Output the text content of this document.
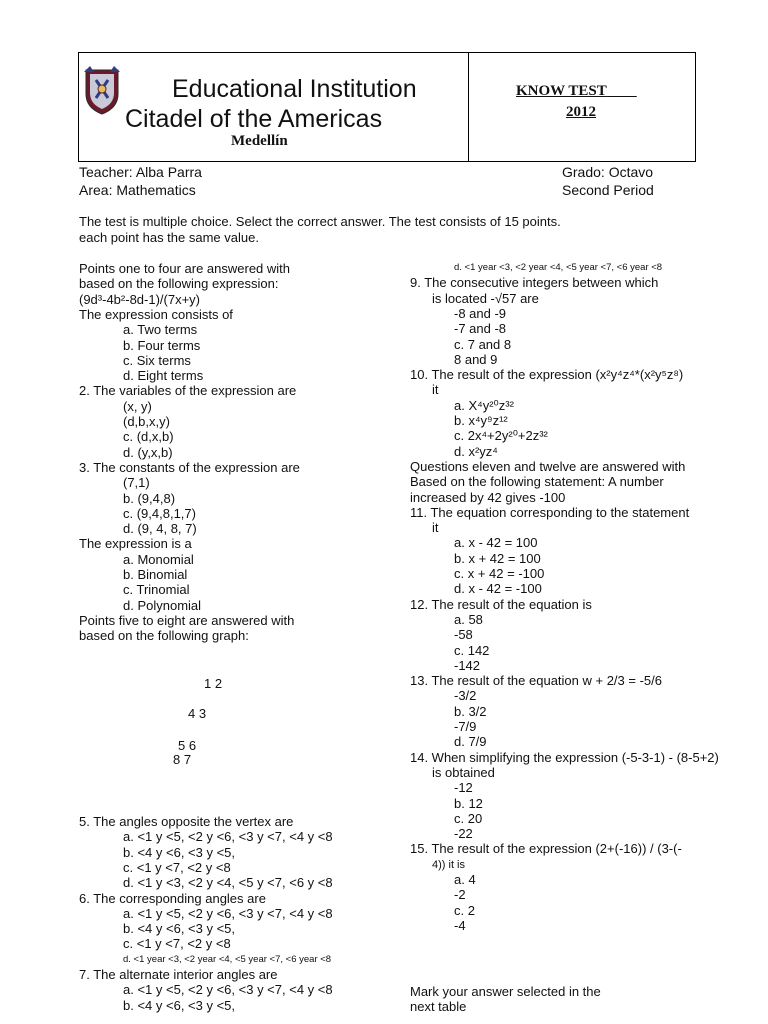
Educational Institution
Citadel of the Americas
Medellín
KNOW TEST
2012
Teacher: Alba Parra
Area: Mathematics
Grado: Octavo
Second Period
The test is multiple choice. Select the correct answer. The test consists of 15 points.
each point has the same value.
Points one to four are answered with
based on the following expression:
(9d³-4b²-8d-1)/(7x+y)
The expression consists of
a. Two terms
b. Four terms
c. Six terms
d. Eight terms
2. The variables of the expression are
(x, y)
(d,b,x,y)
c. (d,x,b)
d. (y,x,b)
3. The constants of the expression are
(7,1)
b. (9,4,8)
c. (9,4,8,1,7)
d. (9, 4, 8, 7)
The expression is a
a. Monomial
b. Binomial
c. Trinomial
d. Polynomial
Points five to eight are answered with
based on the following graph:
1 2
4 3
5 6
8 7
5. The angles opposite the vertex are
a. <1 y <5, <2 y <6, <3 y <7, <4 y <8
b. <4 y <6, <3 y <5,
c. <1 y <7, <2 y <8
d. <1 y <3, <2 y <4, <5 y <7, <6 y <8
6. The corresponding angles are
a. <1 y <5, <2 y <6, <3 y <7, <4 y <8
b. <4 y <6, <3 y <5,
c. <1 y <7, <2 y <8
d. <1 year <3, <2 year <4, <5 year <7, <6 year <8
7. The alternate interior angles are
a. <1 y <5, <2 y <6, <3 y <7, <4 y <8
b. <4 y <6, <3 y <5,
d. <1 year <3, <2 year <4, <5 year <7, <6 year <8
9. The consecutive integers between which
is located -√57 are
-8 and -9
-7 and -8
c. 7 and 8
8 and 9
10. The result of the expression (x²y⁴z⁴*(x²y⁵z⁸)
it
a. X⁴y²⁰z³²
b. x⁴y⁹z¹²
c. 2x⁴+2y²⁰+2z³²
d. x²yz⁴
Questions eleven and twelve are answered with
Based on the following statement: A number
increased by 42 gives -100
11. The equation corresponding to the statement
it
a. x - 42 = 100
b. x + 42 = 100
c. x + 42 = -100
d. x - 42 = -100
12. The result of the equation is
a. 58
-58
c. 142
-142
13. The result of the equation w + 2/3 = -5/6
-3/2
b. 3/2
-7/9
d. 7/9
14. When simplifying the expression (-5-3-1) - (8-5+2)
is obtained
-12
b. 12
c. 20
-22
15. The result of the expression (2+(-16)) / (3-(-
4)) it is
a. 4
-2
c. 2
-4
Mark your answer selected in the
next table
